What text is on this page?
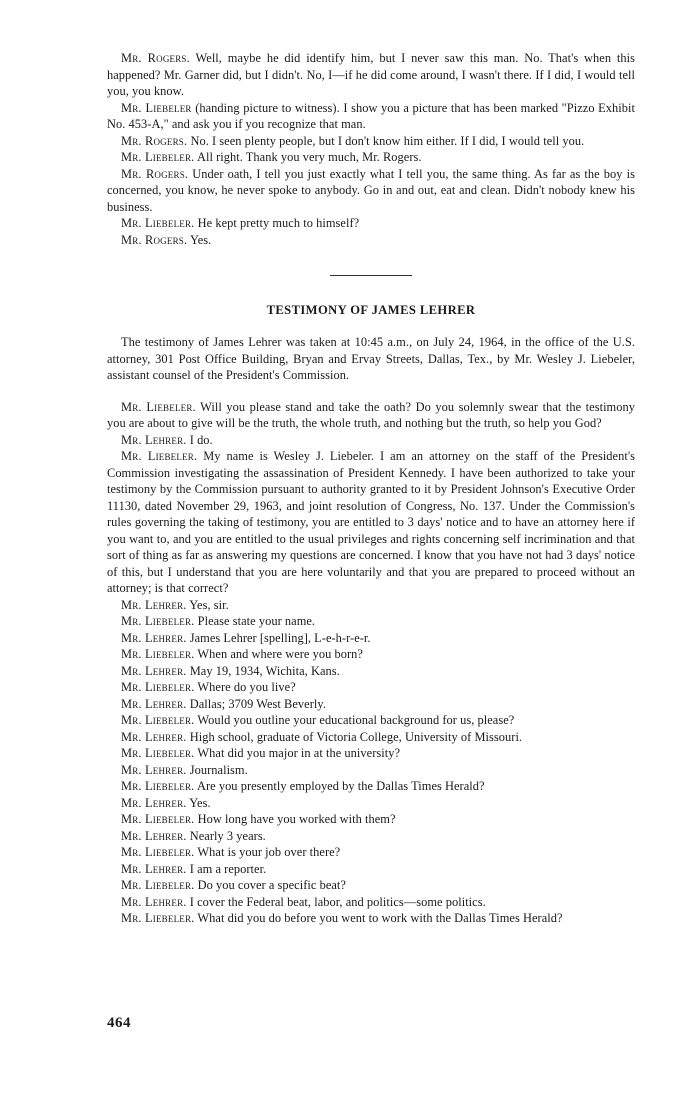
Mr. Rogers. Well, maybe he did identify him, but I never saw this man. No. That's when this happened? Mr. Garner did, but I didn't. No, I—if he did come around, I wasn't there. If I did, I would tell you, you know.

Mr. Liebeler (handing picture to witness). I show you a picture that has been marked "Pizzo Exhibit No. 453-A," and ask you if you recognize that man.

Mr. Rogers. No. I seen plenty people, but I don't know him either. If I did, I would tell you.

Mr. Liebeler. All right. Thank you very much, Mr. Rogers.

Mr. Rogers. Under oath, I tell you just exactly what I tell you, the same thing. As far as the boy is concerned, you know, he never spoke to anybody. Go in and out, eat and clean. Didn't nobody knew his business.

Mr. Liebeler. He kept pretty much to himself?

Mr. Rogers. Yes.

TESTIMONY OF JAMES LEHRER

The testimony of James Lehrer was taken at 10:45 a.m., on July 24, 1964, in the office of the U.S. attorney, 301 Post Office Building, Bryan and Ervay Streets, Dallas, Tex., by Mr. Wesley J. Liebeler, assistant counsel of the President's Commission.

Mr. Liebeler. Will you please stand and take the oath? Do you solemnly swear that the testimony you are about to give will be the truth, the whole truth, and nothing but the truth, so help you God?

Mr. Lehrer. I do.

Mr. Liebeler. My name is Wesley J. Liebeler. I am an attorney on the staff of the President's Commission investigating the assassination of President Kennedy. I have been authorized to take your testimony by the Commission pursuant to authority granted to it by President Johnson's Executive Order 11130, dated November 29, 1963, and joint resolution of Congress, No. 137. Under the Commission's rules governing the taking of testimony, you are entitled to 3 days' notice and to have an attorney here if you want to, and you are entitled to the usual privileges and rights concerning self incrimination and that sort of thing as far as answering my questions are concerned. I know that you have not had 3 days' notice of this, but I understand that you are here voluntarily and that you are prepared to proceed without an attorney; is that correct?

Mr. Lehrer. Yes, sir.

Mr. Liebeler. Please state your name.

Mr. Lehrer. James Lehrer [spelling], L-e-h-r-e-r.

Mr. Liebeler. When and where were you born?

Mr. Lehrer. May 19, 1934, Wichita, Kans.

Mr. Liebeler. Where do you live?

Mr. Lehrer. Dallas; 3709 West Beverly.

Mr. Liebeler. Would you outline your educational background for us, please?

Mr. Lehrer. High school, graduate of Victoria College, University of Missouri.

Mr. Liebeler. What did you major in at the university?

Mr. Lehrer. Journalism.

Mr. Liebeler. Are you presently employed by the Dallas Times Herald?

Mr. Lehrer. Yes.

Mr. Liebeler. How long have you worked with them?

Mr. Lehrer. Nearly 3 years.

Mr. Liebeler. What is your job over there?

Mr. Lehrer. I am a reporter.

Mr. Liebeler. Do you cover a specific beat?

Mr. Lehrer. I cover the Federal beat, labor, and politics—some politics.

Mr. Liebeler. What did you do before you went to work with the Dallas Times Herald?

464
